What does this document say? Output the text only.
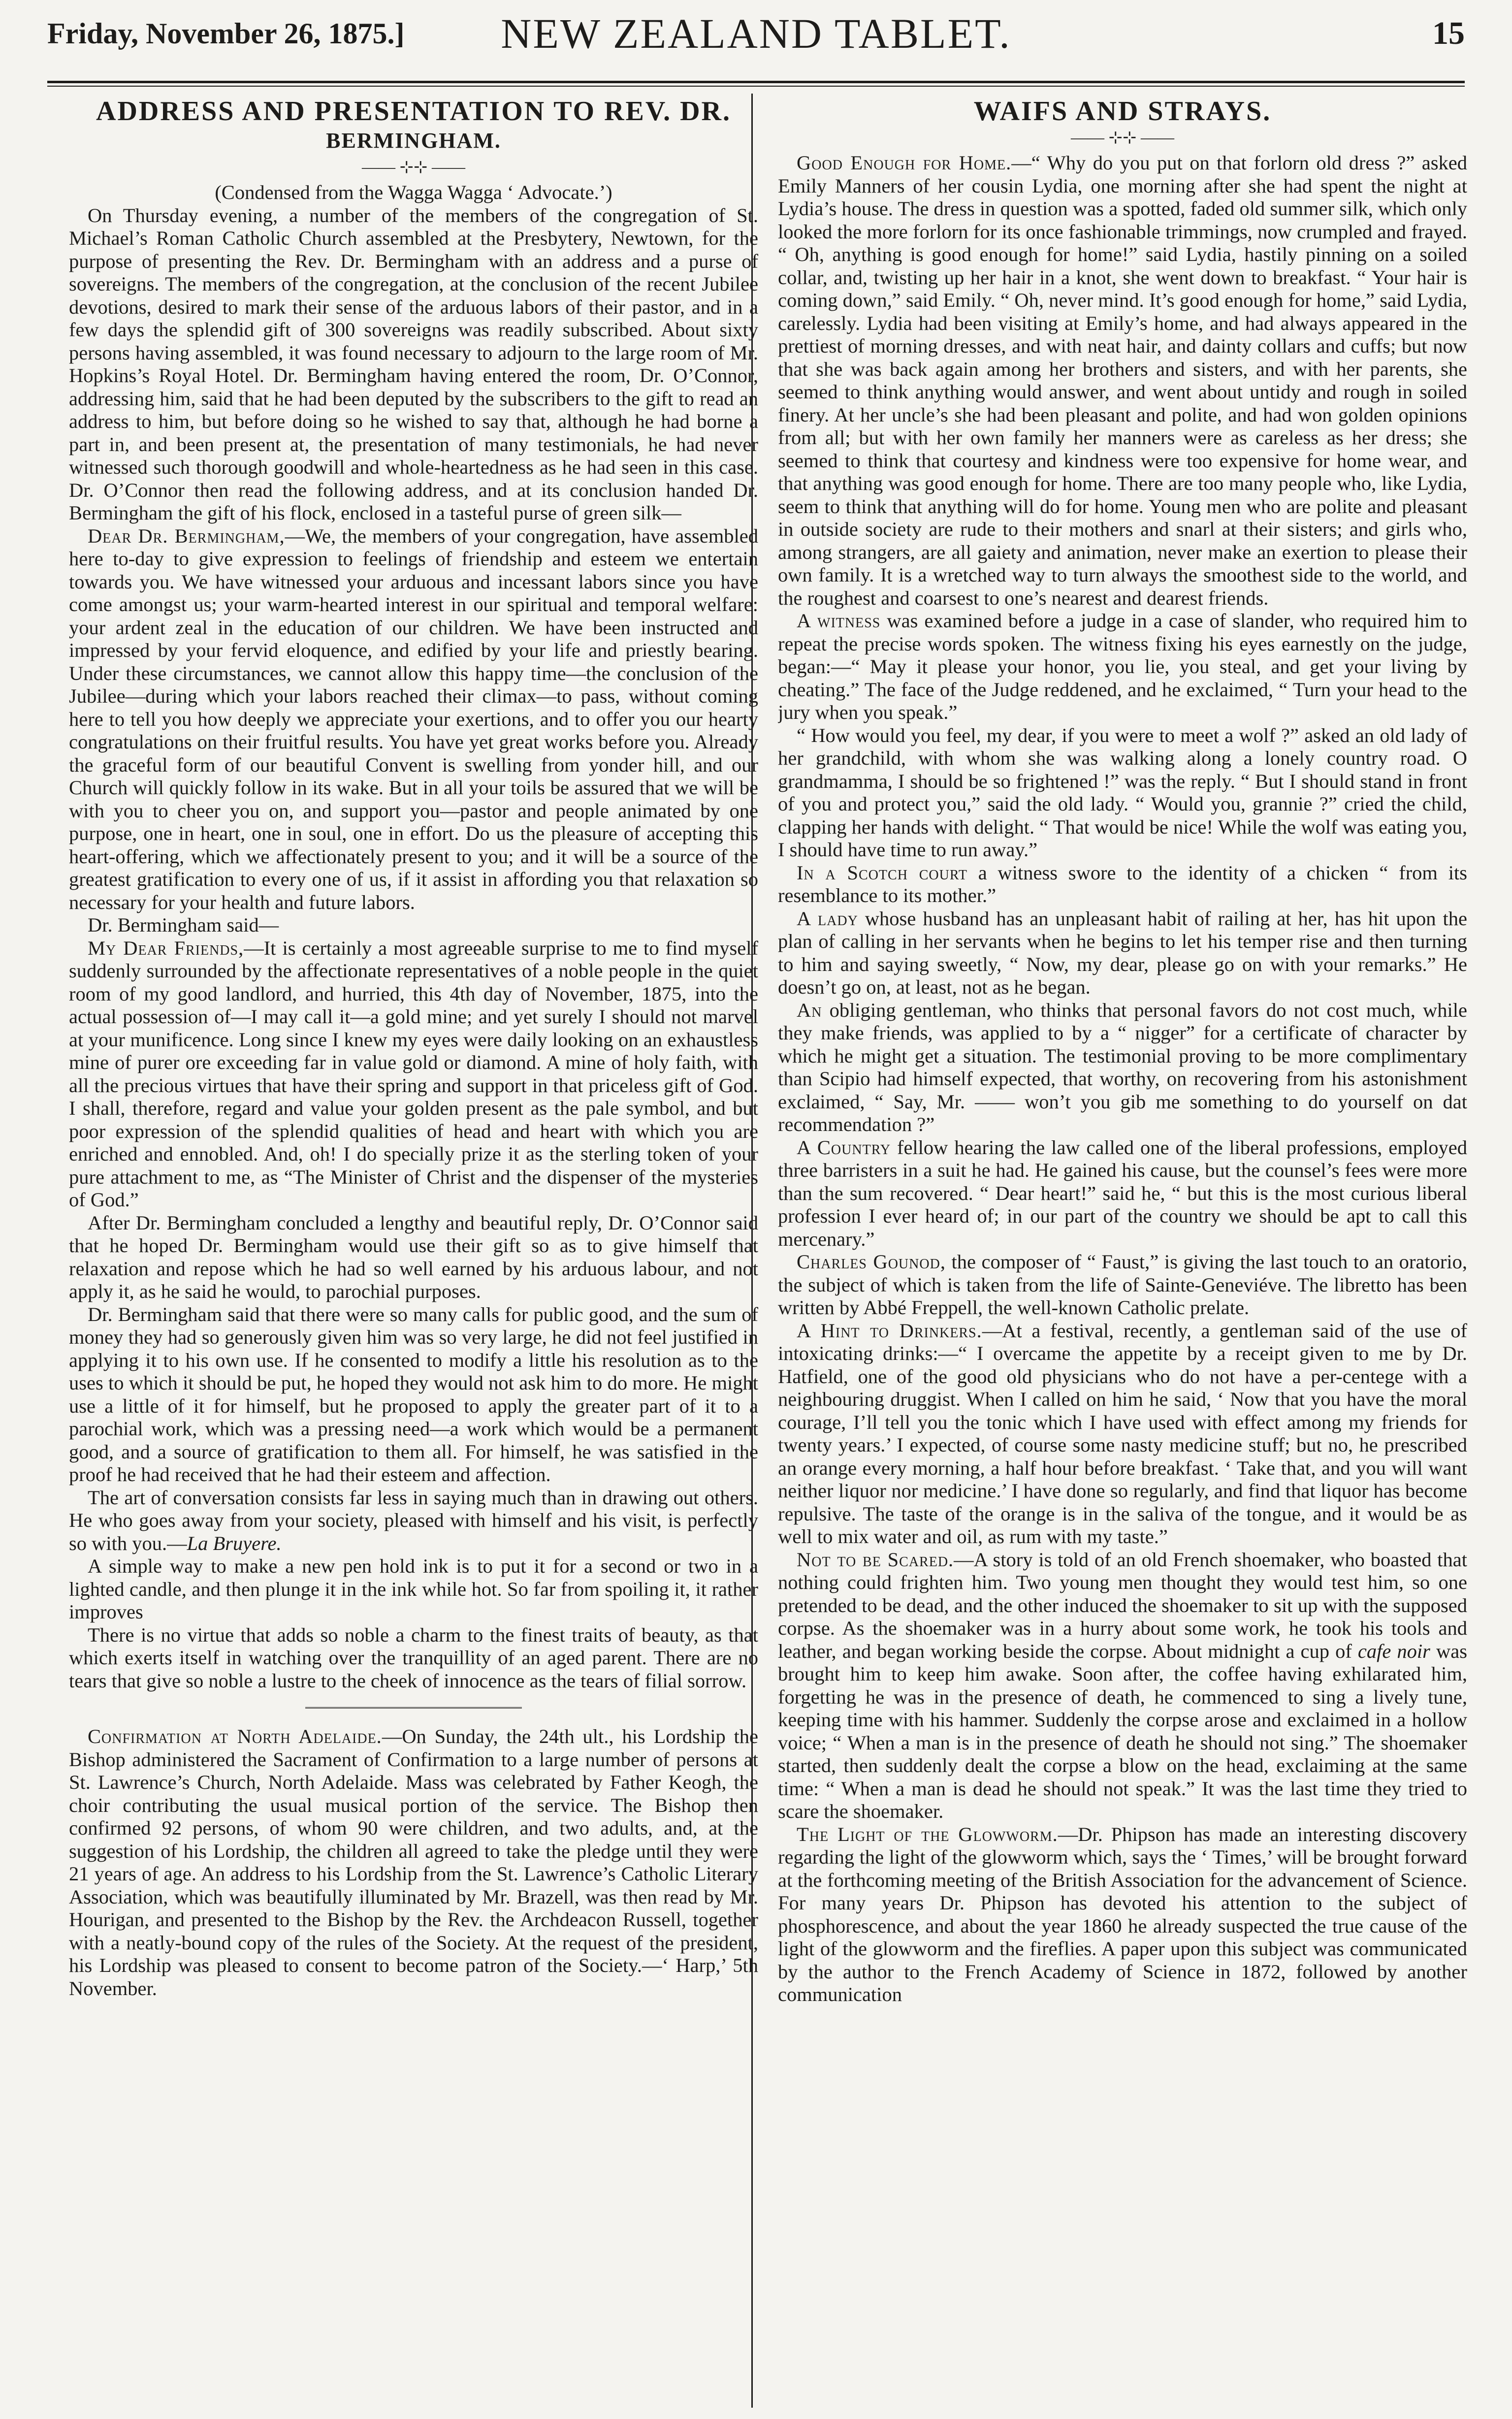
Friday, November 26, 1875.]	NEW ZEALAND TABLET.	15
ADDRESS AND PRESENTATION TO REV. DR.
BERMINGHAM.
—— ⊹⊹ ——

(Condensed from the Wagga Wagga ‘ Advocate.’)

On Thursday evening, a number of the members of the congregation of St. Michael’s Roman Catholic Church assembled at the Presbytery, Newtown, for the purpose of presenting the Rev. Dr. Bermingham with an address and a purse of sovereigns. The members of the congregation, at the conclusion of the recent Jubilee devotions, desired to mark their sense of the arduous labors of their pastor, and in a few days the splendid gift of 300 sovereigns was readily subscribed. About sixty persons having assembled, it was found necessary to adjourn to the large room of Mr. Hopkins’s Royal Hotel. Dr. Bermingham having entered the room, Dr. O’Connor, addressing him, said that he had been deputed by the subscribers to the gift to read an address to him, but before doing so he wished to say that, although he had borne a part in, and been present at, the presentation of many testimonials, he had never witnessed such thorough goodwill and whole-heartedness as he had seen in this case. Dr. O’Connor then read the following address, and at its conclusion handed Dr. Bermingham the gift of his flock, enclosed in a tasteful purse of green silk—

Dear Dr. Bermingham,—We, the members of your congregation, have assembled here to-day to give expression to feelings of friendship and esteem we entertain towards you. We have witnessed your arduous and incessant labors since you have come amongst us; your warm-hearted interest in our spiritual and temporal welfare: your ardent zeal in the education of our children. We have been instructed and impressed by your fervid eloquence, and edified by your life and priestly bearing. Under these circumstances, we cannot allow this happy time—the conclusion of the Jubilee—during which your labors reached their climax—to pass, without coming here to tell you how deeply we appreciate your exertions, and to offer you our hearty congratulations on their fruitful results. You have yet great works before you. Already the graceful form of our beautiful Convent is swelling from yonder hill, and our Church will quickly follow in its wake. But in all your toils be assured that we will be with you to cheer you on, and support you—pastor and people animated by one purpose, one in heart, one in soul, one in effort. Do us the pleasure of accepting this heart-offering, which we affectionately present to you; and it will be a source of the greatest gratification to every one of us, if it assist in affording you that relaxation so necessary for your health and future labors.

Dr. Bermingham said—

My Dear Friends,—It is certainly a most agreeable surprise to me to find myself suddenly surrounded by the affectionate representatives of a noble people in the quiet room of my good landlord, and hurried, this 4th day of November, 1875, into the actual possession of—I may call it—a gold mine; and yet surely I should not marvel at your munificence. Long since I knew my eyes were daily looking on an exhaustless mine of purer ore exceeding far in value gold or diamond. A mine of holy faith, with all the precious virtues that have their spring and support in that priceless gift of God. I shall, therefore, regard and value your golden present as the pale symbol, and but poor expression of the splendid qualities of head and heart with which you are enriched and ennobled. And, oh! I do specially prize it as the sterling token of your pure attachment to me, as “The Minister of Christ and the dispenser of the mysteries of God.”

After Dr. Bermingham concluded a lengthy and beautiful reply, Dr. O’Connor said that he hoped Dr. Bermingham would use their gift so as to give himself that relaxation and repose which he had so well earned by his arduous labour, and not apply it, as he said he would, to parochial purposes.

Dr. Bermingham said that there were so many calls for public good, and the sum of money they had so generously given him was so very large, he did not feel justified in applying it to his own use. If he consented to modify a little his resolution as to the uses to which it should be put, he hoped they would not ask him to do more. He might use a little of it for himself, but he proposed to apply the greater part of it to a parochial work, which was a pressing need—a work which would be a permanent good, and a source of gratification to them all. For himself, he was satisfied in the proof he had received that he had their esteem and affection.

The art of conversation consists far less in saying much than in drawing out others. He who goes away from your society, pleased with himself and his visit, is perfectly so with you.—La Bruyere.

A simple way to make a new pen hold ink is to put it for a second or two in a lighted candle, and then plunge it in the ink while hot. So far from spoiling it, it rather improves

There is no virtue that adds so noble a charm to the finest traits of beauty, as that which exerts itself in watching over the tranquillity of an aged parent. There are no tears that give so noble a lustre to the cheek of innocence as the tears of filial sorrow.

Confirmation at North Adelaide.—On Sunday, the 24th ult., his Lordship the Bishop administered the Sacrament of Confirmation to a large number of persons at St. Lawrence’s Church, North Adelaide. Mass was celebrated by Father Keogh, the choir contributing the usual musical portion of the service. The Bishop then confirmed 92 persons, of whom 90 were children, and two adults, and, at the suggestion of his Lordship, the children all agreed to take the pledge until they were 21 years of age. An address to his Lordship from the St. Lawrence’s Catholic Literary Association, which was beautifully illuminated by Mr. Brazell, was then read by Mr. Hourigan, and presented to the Bishop by the Rev. the Archdeacon Russell, together with a neatly-bound copy of the rules of the Society. At the request of the president, his Lordship was pleased to consent to become patron of the Society.—‘ Harp,’ 5th November.

WAIFS AND STRAYS.
—— ⊹⊹ ——

Good Enough for Home.—“ Why do you put on that forlorn old dress ?” asked Emily Manners of her cousin Lydia, one morning after she had spent the night at Lydia’s house. The dress in question was a spotted, faded old summer silk, which only looked the more forlorn for its once fashionable trimmings, now crumpled and frayed. “ Oh, anything is good enough for home!” said Lydia, hastily pinning on a soiled collar, and, twisting up her hair in a knot, she went down to breakfast. “ Your hair is coming down,” said Emily. “ Oh, never mind. It’s good enough for home,” said Lydia, carelessly. Lydia had been visiting at Emily’s home, and had always appeared in the prettiest of morning dresses, and with neat hair, and dainty collars and cuffs; but now that she was back again among her brothers and sisters, and with her parents, she seemed to think anything would answer, and went about untidy and rough in soiled finery. At her uncle’s she had been pleasant and polite, and had won golden opinions from all; but with her own family her manners were as careless as her dress; she seemed to think that courtesy and kindness were too expensive for home wear, and that anything was good enough for home. There are too many people who, like Lydia, seem to think that anything will do for home. Young men who are polite and pleasant in outside society are rude to their mothers and snarl at their sisters; and girls who, among strangers, are all gaiety and animation, never make an exertion to please their own family. It is a wretched way to turn always the smoothest side to the world, and the roughest and coarsest to one’s nearest and dearest friends.

A witness was examined before a judge in a case of slander, who required him to repeat the precise words spoken. The witness fixing his eyes earnestly on the judge, began:—“ May it please your honor, you lie, you steal, and get your living by cheating.” The face of the Judge reddened, and he exclaimed, “ Turn your head to the jury when you speak.”

“ How would you feel, my dear, if you were to meet a wolf ?” asked an old lady of her grandchild, with whom she was walking along a lonely country road. O grandmamma, I should be so frightened !” was the reply. “ But I should stand in front of you and protect you,” said the old lady. “ Would you, grannie ?” cried the child, clapping her hands with delight. “ That would be nice! While the wolf was eating you, I should have time to run away.”

In a Scotch court a witness swore to the identity of a chicken “ from its resemblance to its mother.”

A lady whose husband has an unpleasant habit of railing at her, has hit upon the plan of calling in her servants when he begins to let his temper rise and then turning to him and saying sweetly, “ Now, my dear, please go on with your remarks.” He doesn’t go on, at least, not as he began.

An obliging gentleman, who thinks that personal favors do not cost much, while they make friends, was applied to by a “ nigger” for a certificate of character by which he might get a situation. The testimonial proving to be more complimentary than Scipio had himself expected, that worthy, on recovering from his astonishment exclaimed, “ Say, Mr. —— won’t you gib me something to do yourself on dat recommendation ?”

A Country fellow hearing the law called one of the liberal professions, employed three barristers in a suit he had. He gained his cause, but the counsel’s fees were more than the sum recovered. “ Dear heart!” said he, “ but this is the most curious liberal profession I ever heard of; in our part of the country we should be apt to call this mercenary.”

Charles Gounod, the composer of “ Faust,” is giving the last touch to an oratorio, the subject of which is taken from the life of Sainte-Geneviéve. The libretto has been written by Abbé Freppell, the well-known Catholic prelate.

A Hint to Drinkers.—At a festival, recently, a gentleman said of the use of intoxicating drinks:—“ I overcame the appetite by a receipt given to me by Dr. Hatfield, one of the good old physicians who do not have a per-centege with a neighbouring druggist. When I called on him he said, ‘ Now that you have the moral courage, I’ll tell you the tonic which I have used with effect among my friends for twenty years.’ I expected, of course some nasty medicine stuff; but no, he prescribed an orange every morning, a half hour before breakfast. ‘ Take that, and you will want neither liquor nor medicine.’ I have done so regularly, and find that liquor has become repulsive. The taste of the orange is in the saliva of the tongue, and it would be as well to mix water and oil, as rum with my taste.”

Not to be Scared.—A story is told of an old French shoemaker, who boasted that nothing could frighten him. Two young men thought they would test him, so one pretended to be dead, and the other induced the shoemaker to sit up with the supposed corpse. As the shoemaker was in a hurry about some work, he took his tools and leather, and began working beside the corpse. About midnight a cup of cafe noir was brought him to keep him awake. Soon after, the coffee having exhilarated him, forgetting he was in the presence of death, he commenced to sing a lively tune, keeping time with his hammer. Suddenly the corpse arose and exclaimed in a hollow voice; “ When a man is in the presence of death he should not sing.” The shoemaker started, then suddenly dealt the corpse a blow on the head, exclaiming at the same time: “ When a man is dead he should not speak.” It was the last time they tried to scare the shoemaker.

The Light of the Glowworm.—Dr. Phipson has made an interesting discovery regarding the light of the glowworm which, says the ‘ Times,’ will be brought forward at the forthcoming meeting of the British Association for the advancement of Science. For many years Dr. Phipson has devoted his attention to the subject of phosphorescence, and about the year 1860 he already suspected the true cause of the light of the glowworm and the fireflies. A paper upon this subject was communicated by the author to the French Academy of Science in 1872, followed by another communication
